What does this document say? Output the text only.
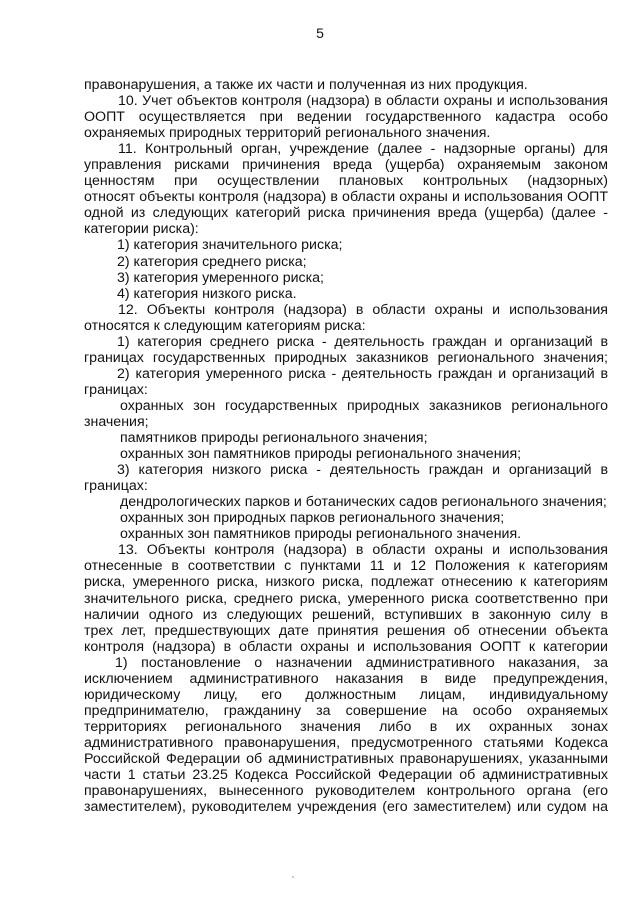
5
правонарушения, а также их части и полученная из них продукция.
10. Учет объектов контроля (надзора) в области охраны и использования
ООПТ осуществляется при ведении государственного кадастра особо
охраняемых природных территорий регионального значения.
11. Контрольный орган, учреждение (далее - надзорные органы) для
управления рисками причинения вреда (ущерба) охраняемым законом
ценностям при осуществлении плановых контрольных (надзорных)
относят объекты контроля (надзора) в области охраны и использования ООПТ
одной из следующих категорий риска причинения вреда (ущерба) (далее -
категории риска):
1) категория значительного риска;
2) категория среднего риска;
3) категория умеренного риска;
4) категория низкого риска.
12. Объекты контроля (надзора) в области охраны и использования
относятся к следующим категориям риска:
1) категория среднего риска - деятельность граждан и организаций в
границах государственных природных заказников регионального значения;
2) категория умеренного риска - деятельность граждан и организаций в
границах:
охранных зон государственных природных заказников регионального
значения;
памятников природы регионального значения;
охранных зон памятников природы регионального значения;
3) категория низкого риска - деятельность граждан и организаций в
границах:
дендрологических парков и ботанических садов регионального значения;
охранных зон природных парков регионального значения;
охранных зон памятников природы регионального значения.
13. Объекты контроля (надзора) в области охраны и использования
отнесенные в соответствии с пунктами 11 и 12 Положения к категориям
риска, умеренного риска, низкого риска, подлежат отнесению к категориям
значительного риска, среднего риска, умеренного риска соответственно при
наличии одного из следующих решений, вступивших в законную силу в
трех лет, предшествующих дате принятия решения об отнесении объекта
контроля (надзора) в области охраны и использования ООПТ к категории
1) постановление о назначении административного наказания, за
исключением административного наказания в виде предупреждения,
юридическому лицу, его должностным лицам, индивидуальному
предпринимателю, гражданину за совершение на особо охраняемых
территориях регионального значения либо в их охранных зонах
административного правонарушения, предусмотренного статьями Кодекса
Российской Федерации об административных правонарушениях, указанными
части 1 статьи 23.25 Кодекса Российской Федерации об административных
правонарушениях, вынесенного руководителем контрольного органа (его
заместителем), руководителем учреждения (его заместителем) или судом на
